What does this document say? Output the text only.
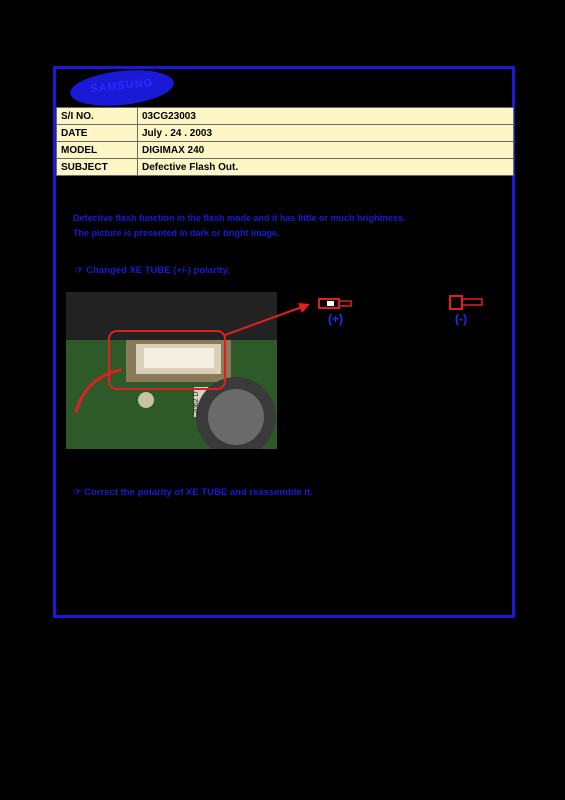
SAMSUNG
S/I NO.	03CG23003
DATE	July . 24 . 2003
MODEL	DIGIMAX 240
SUBJECT	Defective Flash Out.
Defective flash function in the flash mode and it has little or much brightness.
The picture is presented in dark or bright image.
☞ Changed XE TUBE (+/-) polarity.
2062 D
(+)	(-)
☞ Correct the polarity of XE TUBE and reassemble it.
